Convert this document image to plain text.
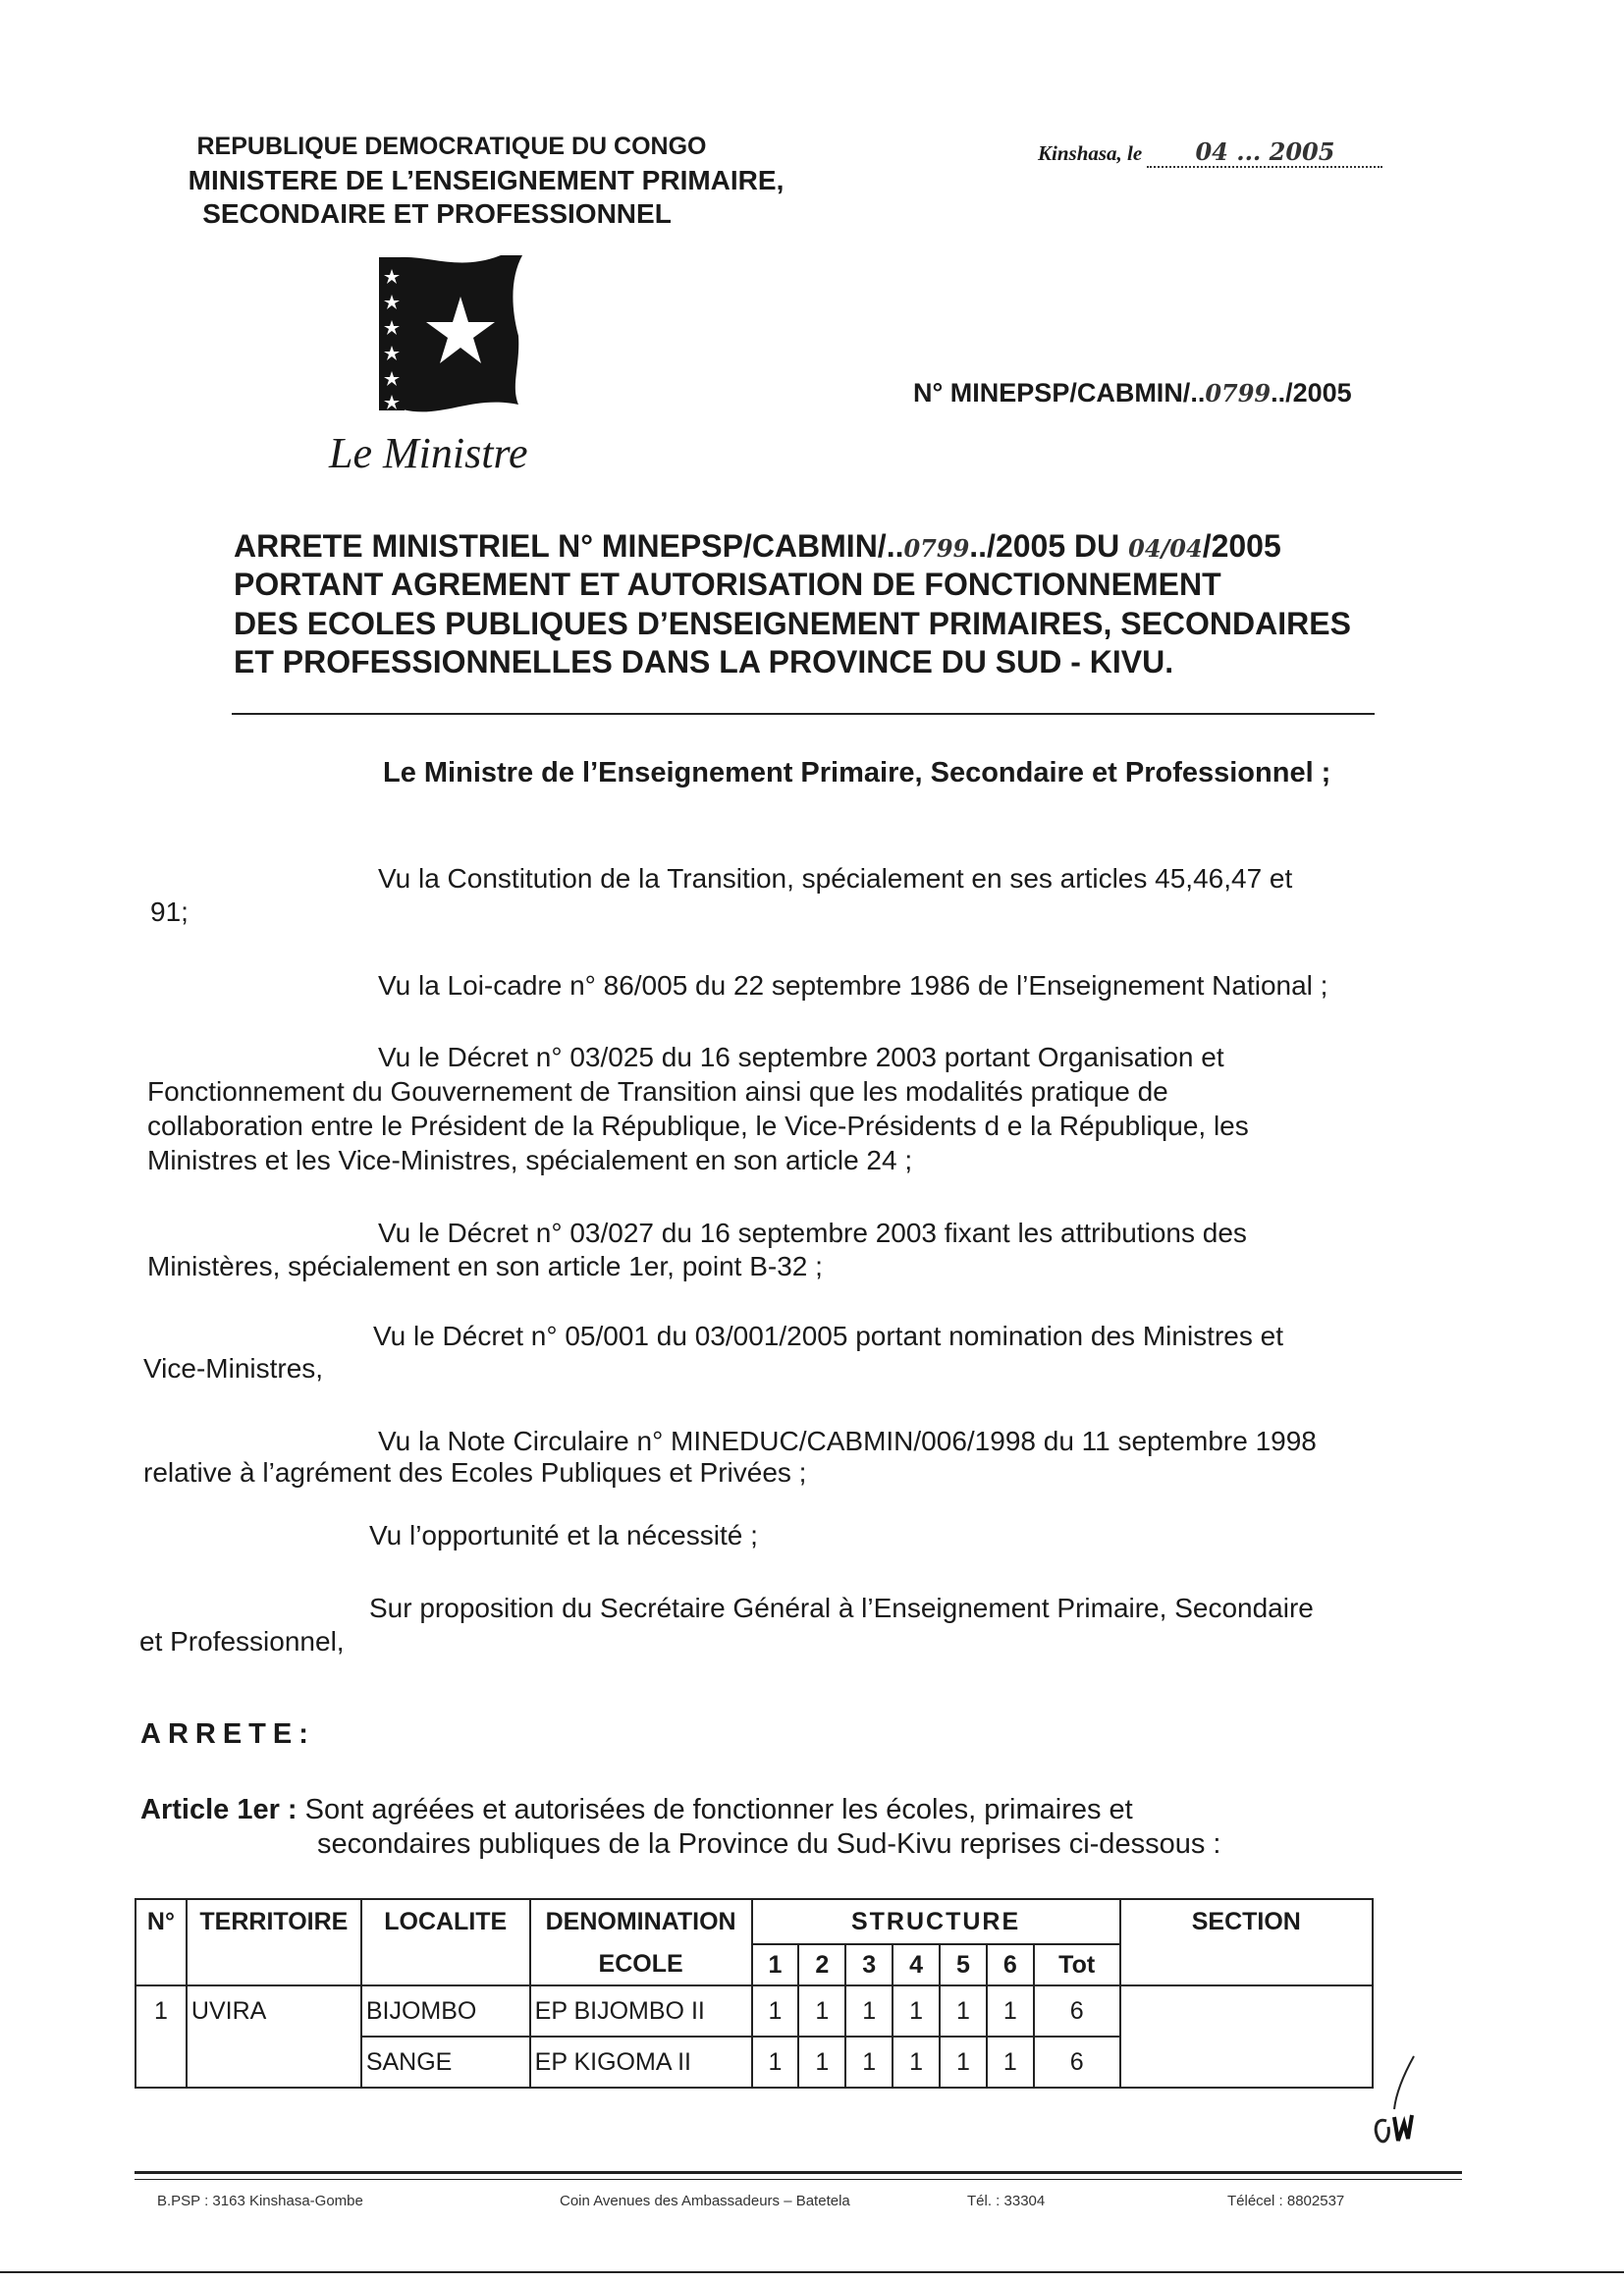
REPUBLIQUE DEMOCRATIQUE DU CONGO
MINISTERE DE L’ENSEIGNEMENT PRIMAIRE,
SECONDAIRE ET PROFESSIONNEL
Kinshasa, le 04 ... 2005
N° MINEPSP/CABMIN/..0799../2005
Le Ministre
ARRETE MINISTRIEL N° MINEPSP/CABMIN/..0799../2005 DU 04/04/2005
PORTANT AGREMENT ET AUTORISATION DE FONCTIONNEMENT
DES ECOLES PUBLIQUES D’ENSEIGNEMENT PRIMAIRES, SECONDAIRES
ET PROFESSIONNELLES DANS LA PROVINCE DU SUD - KIVU.
Le Ministre de l’Enseignement Primaire, Secondaire et Professionnel ;
Vu la Constitution de la Transition, spécialement en ses articles 45,46,47 et
91;
Vu la Loi-cadre n° 86/005 du 22 septembre 1986 de l’Enseignement National ;
Vu le Décret n° 03/025 du 16 septembre 2003 portant Organisation et
Fonctionnement du Gouvernement de Transition ainsi que les modalités pratique de
collaboration entre le Président de la République, le Vice-Présidents d e la République, les
Ministres et les Vice-Ministres, spécialement en son article 24 ;
Vu le Décret n° 03/027 du 16 septembre 2003 fixant les attributions des
Ministères, spécialement en son article 1er, point B-32 ;
Vu le Décret n° 05/001 du 03/001/2005 portant nomination des Ministres et
Vice-Ministres,
Vu la Note Circulaire n° MINEDUC/CABMIN/006/1998 du 11 septembre 1998
relative à l’agrément des Ecoles Publiques et Privées ;
Vu l’opportunité et la nécessité ;
Sur proposition du Secrétaire Général à l’Enseignement Primaire, Secondaire
et Professionnel,
ARRETE:
Article 1er : Sont agréées et autorisées de fonctionner les écoles, primaires et
secondaires publiques de la Province du Sud-Kivu reprises ci-dessous :
N°	TERRITOIRE	LOCALITE	DENOMINATION	STRUCTURE							SECTION
			ECOLE	1	2	3	4	5	6	Tot	
1	UVIRA	BIJOMBO	EP BIJOMBO II	1	1	1	1	1	1	6	
		SANGE	EP KIGOMA II	1	1	1	1	1	1	6	
B.PSP : 3163 Kinshasa-Gombe	Coin Avenues des Ambassadeurs – Batetela	Tél. : 33304	Télécel : 8802537
